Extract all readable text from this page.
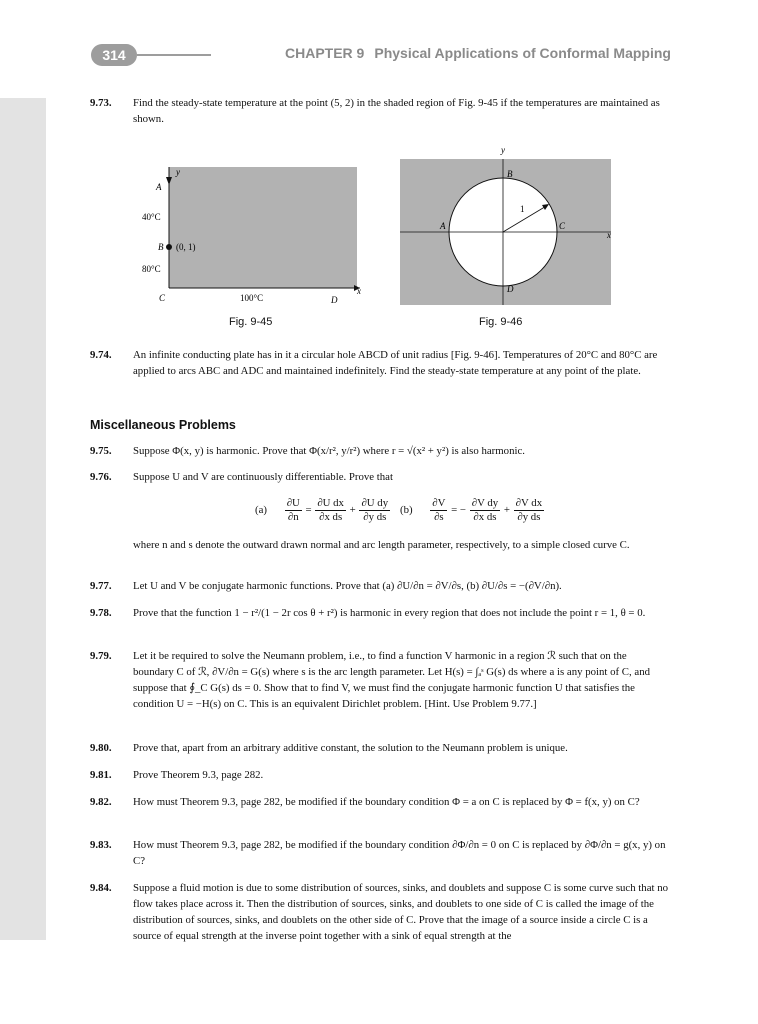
314	CHAPTER 9 Physical Applications of Conformal Mapping
9.73. Find the steady-state temperature at the point (5, 2) in the shaded region of Fig. 9-45 if the temperatures are maintained as shown.
y
A
40°C
B (0, 1)
80°C
C	100°C	D
x
Fig. 9-45
y
B
A	C
D
x
1
Fig. 9-46
9.74. An infinite conducting plate has in it a circular hole ABCD of unit radius [Fig. 9-46]. Temperatures of 20°C and 80°C are applied to arcs ABC and ADC and maintained indefinitely. Find the steady-state temperature at any point of the plate.
Miscellaneous Problems
9.75. Suppose Φ(x, y) is harmonic. Prove that Φ(x/r², y/r²) where r = √(x² + y²) is also harmonic.
9.76. Suppose U and V are continuously differentiable. Prove that
$(a) \frac{\partial U}{\partial n} = \frac{\text{∂U dx}}{\text{∂x ds}} + \frac{\text{∂U dy}}{\text{∂y ds}} (b) \frac{\partial V}{\partial s}$ = − $\frac{\text{∂V dy}}{\text{∂x ds}} + \frac{\text{∂V dx}}{\text{∂y ds}}$
where n and s denote the outward drawn normal and arc length parameter, respectively, to a simple closed curve C.
9.77. Let U and V be conjugate harmonic functions. Prove that (a) ∂U/∂n = ∂V/∂s, (b) ∂U/∂s = −(∂V/∂n).
9.78. Prove that the function 1 − r²/(1 − 2r cos θ + r²) is harmonic in every region that does not include the point r = 1, θ = 0.
9.79. Let it be required to solve the Neumann problem, i.e., to find a function V harmonic in a region ℛ such that on the boundary C of ℛ, ∂V/∂n = G(s) where s is the arc length parameter. Let H(s) = ∫ₐˢ G(s) ds where a is any point of C, and suppose that ∮_C G(s) ds = 0. Show that to find V, we must find the conjugate harmonic function U that satisfies the condition U = −H(s) on C. This is an equivalent Dirichlet problem. [Hint. Use Problem 9.77.]
9.80. Prove that, apart from an arbitrary additive constant, the solution to the Neumann problem is unique.
9.81. Prove Theorem 9.3, page 282.
9.82. How must Theorem 9.3, page 282, be modified if the boundary condition Φ = a on C is replaced by Φ = f(x, y) on C?
9.83. How must Theorem 9.3, page 282, be modified if the boundary condition ∂Φ/∂n = 0 on C is replaced by ∂Φ/∂n = g(x, y) on C?
9.84. Suppose a fluid motion is due to some distribution of sources, sinks, and doublets and suppose C is some curve such that no flow takes place across it. Then the distribution of sources, sinks, and doublets to one side of C is called the image of the distribution of sources, sinks, and doublets on the other side of C. Prove that the image of a source inside a circle C is a source of equal strength at the inverse point together with a sink of equal strength at the
